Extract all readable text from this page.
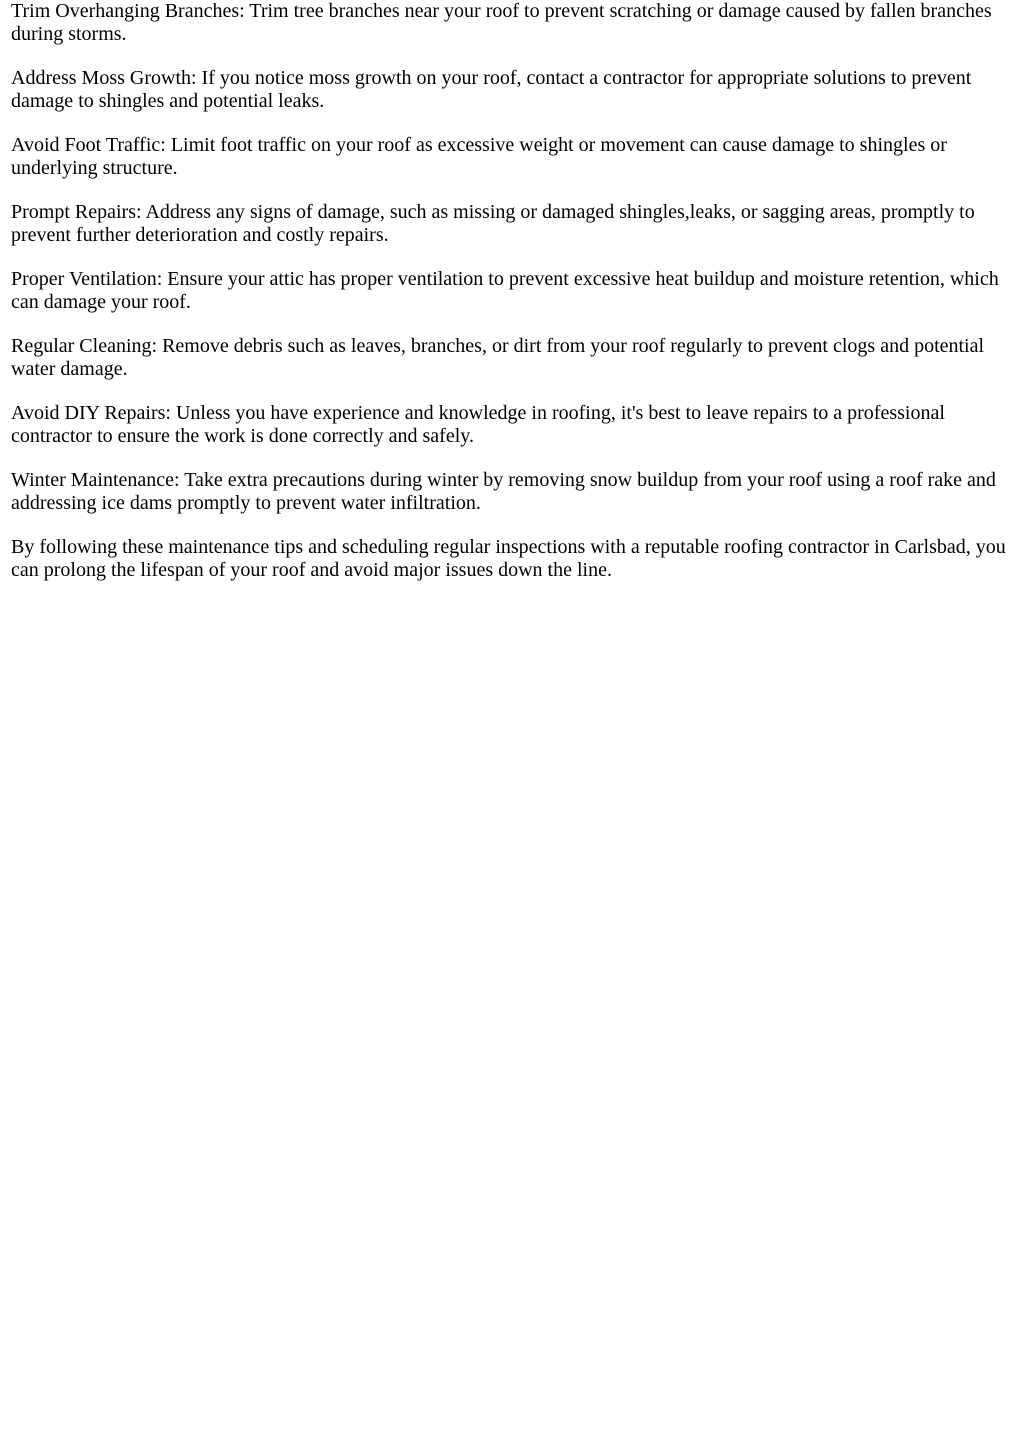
Trim Overhanging Branches: Trim tree branches near your roof to prevent scratching or damage caused by fallen branches during storms.

Address Moss Growth: If you notice moss growth on your roof, contact a contractor for appropriate solutions to prevent damage to shingles and potential leaks.

Avoid Foot Traffic: Limit foot traffic on your roof as excessive weight or movement can cause damage to shingles or underlying structure.

Prompt Repairs: Address any signs of damage, such as missing or damaged shingles,leaks, or sagging areas, promptly to prevent further deterioration and costly repairs.

Proper Ventilation: Ensure your attic has proper ventilation to prevent excessive heat buildup and moisture retention, which can damage your roof.

Regular Cleaning: Remove debris such as leaves, branches, or dirt from your roof regularly to prevent clogs and potential water damage.

Avoid DIY Repairs: Unless you have experience and knowledge in roofing, it's best to leave repairs to a professional contractor to ensure the work is done correctly and safely.

Winter Maintenance: Take extra precautions during winter by removing snow buildup from your roof using a roof rake and addressing ice dams promptly to prevent water infiltration.

By following these maintenance tips and scheduling regular inspections with a reputable roofing contractor in Carlsbad, you can prolong the lifespan of your roof and avoid major issues down the line.
